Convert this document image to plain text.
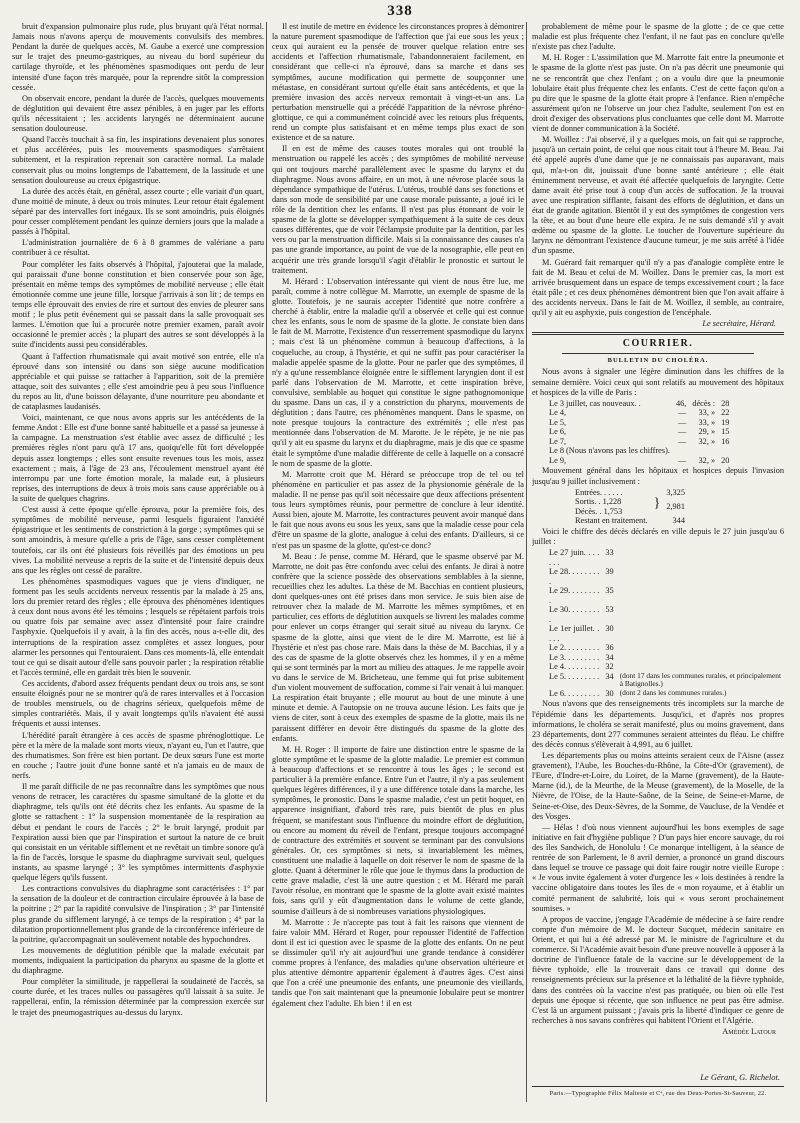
338

bruit d'expansion pulmonaire plus rude, plus bruyant qu'à l'état normal. Jamais nous n'avons aperçu de mouvements convulsifs des membres. Pendant la durée de quelques accès, M. Gaube a exercé une compression sur le trajet des pneumo-gastriques, au niveau du bord supérieur du cartilage thyroïde, et les phénomènes spasmodiques ont perdu de leur intensité d'une façon très marquée, pour la reprendre sitôt la compression cessée.

On observait encore, pendant la durée de l'accès, quelques mouvements de déglutition qui devaient être assez pénibles, à en juger par les efforts qu'ils nécessitaient ; les accidents laryngés ne déterminaient aucune sensation douloureuse.

Quand l'accès touchait à sa fin, les inspirations devenaient plus sonores et plus accélérées, puis les mouvements spasmodiques s'arrêtaient subitement, et la respiration reprenait son caractère normal. La malade conservait plus ou moins longtemps de l'abattement, de la lassitude et une sensation douloureuse au creux épigastrique.

La durée des accès était, en général, assez courte ; elle variait d'un quart, d'une moitié de minute, à deux ou trois minutes. Leur retour était également séparé par des intervalles fort inégaux. Ils se sont amoindris, puis éloignés pour cesser complètement pendant les quinze derniers jours que la malade a passés à l'hôpital.

L'administration journalière de 6 à 8 grammes de valériane a paru contribuer à ce résultat.

Pour compléter les faits observés à l'hôpital, j'ajouterai que la malade, qui paraissait d'une bonne constitution et bien conservée pour son âge, présentait en même temps des symptômes de mobilité nerveuse ; elle était émotionnée comme une jeune fille, lorsque j'arrivais à son lit ; de temps en temps elle éprouvait des envies de rire et surtout des envies de pleurer sans motif ; le plus petit événement qui se passait dans la salle provoquait ses larmes. L'émotion que lui a procurée notre premier examen, paraît avoir occasionné le premier accès ; la plupart des autres se sont développés à la suite d'incidents aussi peu considérables.

Quant à l'affection rhumatismale qui avait motivé son entrée, elle n'a éprouvé dans son intensité ou dans son siège aucune modification appréciable et qui puisse se rattacher à l'apparition, soit de la première attaque, soit des suivantes ; elle s'est amoindrie peu à peu sous l'influence du repos au lit, d'une boisson délayante, d'une nourriture peu abondante et de cataplasmes laudanisés.

Voici, maintenant, ce que nous avons appris sur les antécédents de la femme Andot : Elle est d'une bonne santé habituelle et a passé sa jeunesse à la campagne. La menstruation s'est établie avec assez de difficulté ; les premières règles n'ont paru qu'à 17 ans, quoiqu'elle fût fort développée depuis assez longtemps ; elles sont ensuite revenues tous les mois, assez exactement ; mais, à l'âge de 23 ans, l'écoulement menstruel ayant été interrompu par une forte émotion morale, la malade eut, à plusieurs reprises, des interruptions de deux à trois mois sans cause appréciable ou à la suite de quelques chagrins.

C'est aussi à cette époque qu'elle éprouva, pour la première fois, des symptômes de mobilité nerveuse, parmi lesquels figuraient l'anxiété épigastrique et les sentiments de constriction à la gorge ; symptômes qui se sont amoindris, à mesure qu'elle a pris de l'âge, sans cesser complètement toutefois, car ils ont été plusieurs fois réveillés par des émotions un peu vives. La mobilité nerveuse a repris de la suite et de l'intensité depuis deux ans que les règles ont cessé de paraître.

Les phénomènes spasmodiques vagues que je viens d'indiquer, ne forment pas les seuls accidents nerveux ressentis par la malade à 25 ans, lors du premier retard des règles ; elle éprouva des phénomènes identiques à ceux dont nous avons été les témoins ; lesquels se répétaient parfois trois ou quatre fois par semaine avec assez d'intensité pour faire craindre l'asphyxie. Quelquefois il y avait, à la fin des accès, nous a-t-elle dit, des interruptions de la respiration assez complètes et assez longues, pour alarmer les personnes qui l'entouraient. Dans ces moments-là, elle entendait tout ce qui se disait autour d'elle sans pouvoir parler ; la respiration rétablie et l'accès terminé, elle en gardait très bien le souvenir.

Ces accidents, d'abord assez fréquents pendant deux ou trois ans, se sont ensuite éloignés pour ne se montrer qu'à de rares intervalles et à l'occasion de troubles menstruels, ou de chagrins sérieux, quelquefois même de simples contrariétés. Mais, il y avait longtemps qu'ils n'avaient été aussi fréquents et aussi intenses.

L'hérédité paraît étrangère à ces accès de spasme phrénoglottique. Le père et la mère de la malade sont morts vieux, n'ayant eu, l'un et l'autre, que des rhumatismes. Son frère est bien portant. De deux sœurs l'une est morte en couche ; l'autre jouit d'une bonne santé et n'a jamais eu de maux de nerfs.

Il me paraît difficile de ne pas reconnaître dans les symptômes que nous venons de retracer, les caractères du spasme simultané de la glotte et du diaphragme, tels qu'ils ont été décrits chez les enfants. Au spasme de la glotte se rattachent : 1° la suspension momentanée de la respiration au début et pendant le cours de l'accès ; 2° le bruit laryngé, produit par l'expiration aussi bien que par l'inspiration et surtout la nature de ce bruit qui consistait en un véritable sifflement et ne revêtait un timbre sonore qu'à la fin de l'accès, lorsque le spasme du diaphragme survivait seul, quelques instants, au spasme laryngé ; 3° les symptômes intermittents d'asphyxie quelque légers qu'ils fussent.

Les contractions convulsives du diaphragme sont caractérisées : 1° par la sensation de la douleur et de contraction circulaire éprouvée à la base de la poitrine ; 2° par la rapidité convulsive de l'inspiration ; 3° par l'intensité plus grande du sifflement laryngé, à ce temps de la respiration ; 4° par la dilatation proportionnellement plus grande de la circonférence inférieure de la poitrine, qu'accompagnait un soulèvement notable des hypochondres.

Les mouvements de déglutition pénible que la malade exécutait par moments, indiquaient la participation du pharynx au spasme de la glotte et du diaphragme.

Pour compléter la similitude, je rappellerai la soudaineté de l'accès, sa courte durée, et les traces nulles ou passagères qu'il laissait à sa suite. Je rappellerai, enfin, la rémission déterminée par la compression exercée sur le trajet des pneumogastriques au-dessus du larynx.

Il est inutile de mettre en évidence les circonstances propres à démontrer la nature purement spasmodique de l'affection que j'ai eue sous les yeux ; ceux qui auraient eu la pensée de trouver quelque relation entre ses accidents et l'affection rhumatismale, l'abandonneraient facilement, en considérant que celle-ci n'a éprouvé, dans sa marche et dans ses symptômes, aucune modification qui permette de soupçonner une métastase, en considérant surtout qu'elle était sans antécédents, et que la première invasion des accès nerveux remontait à vingt-et-un ans. La perturbation menstruelle qui a précédé l'apparition de la névrose phréno-glottique, ce qui a communément coïncidé avec les retours plus fréquents, rend un compte plus satisfaisant et en même temps plus exact de son existence et de sa nature.

Il en est de même des causes toutes morales qui ont troublé la menstruation ou rappelé les accès ; des symptômes de mobilité nerveuse qui ont toujours marché parallèlement avec le spasme du larynx et du diaphragme. Nous avons affaire, en un mot, à une névrose placée sous la dépendance sympathique de l'utérus. L'utérus, troublé dans ses fonctions et dans son mode de sensibilité par une cause morale puissante, a joué ici le rôle de la dentition chez les enfants. Il n'est pas plus étonnant de voir le spasme de la glotte se développer sympathiquement à la suite de ces deux causes différentes, que de voir l'éclampsie produite par la dentition, par les vers ou par la menstruation difficile. Mais si la connaissance des causes n'a pas une grande importance, au point de vue de la nosographie, elle peut en acquérir une très grande lorsqu'il s'agit d'établir le pronostic et surtout le traitement.

M. Hérard : L'observation intéressante qui vient de nous être lue, me paraît, comme à notre collègue M. Marrotte, un exemple de spasme de la glotte. Toutefois, je ne saurais accepter l'identité que notre confrère a cherché à établir, entre la maladie qu'il a observée et celle qui est connue chez les enfants, sous le nom de spasme de la glotte. Je constate bien dans le fait de M. Marrotte, l'existence d'un resserrement spasmodique du larynx ; mais c'est là un phénomène commun à beaucoup d'affections, à la coqueluche, au croup, à l'hystérie, et qui ne suffit pas pour caractériser la maladie appelée spasme de la glotte. Pour ne parler que des symptômes, il n'y a qu'une ressemblance éloignée entre le sifflement laryngien dont il est parlé dans l'observation de M. Marrotte, et cette inspiration brève, convulsive, semblable au hoquet qui constitue le signe pathognomonique du spasme. Dans un cas, il y a constriction du pharynx, mouvements de déglutition ; dans l'autre, ces phénomènes manquent. Dans le spasme, on note presque toujours la contracture des extrémités ; elle n'est pas mentionnée dans l'observation de M. Marotte. Je le répète, je ne nie pas qu'il y ait eu spasme du larynx et du diaphragme, mais je dis que ce spasme était le symptôme d'une maladie différente de celle à laquelle on a consacré le nom de spasme de la glotte.

M. Marrotte croit que M. Hérard se préoccupe trop de tel ou tel phénomène en particulier et pas assez de la physionomie générale de la maladie. Il ne pense pas qu'il soit nécessaire que deux affections présentent tous leurs symptômes réunis, pour permettre de conclure à leur identité. Aussi bien, ajoute M. Marrotte, les contractures peuvent avoir manqué dans le fait que nous avons eu sous les yeux, sans que la maladie cesse pour cela d'être un spasme de la glotte, analogue à celui des enfants. D'ailleurs, si ce n'est pas un spasme de la glotte, qu'est-ce donc?

M. Beau : Je pense, comme M. Hérard, que le spasme observé par M. Marrotte, ne doit pas être confondu avec celui des enfants. Je dirai à notre confrère que la science possède des observations semblables à la sienne, recueillies chez les adultes. La thèse de M. Bacchias en contient plusieurs, dont quelques-unes ont été prises dans mon service. Je suis bien aise de retrouver chez la malade de M. Marrotte les mêmes symptômes, et en particulier, ces efforts de déglutition auxquels se livrent les malades comme pour enlever un corps étranger qui serait situé au niveau du larynx. Ce spasme de la glotte, ainsi que vient de le dire M. Marrotte, est lié à l'hystérie et n'est pas chose rare. Mais dans la thèse de M. Bacchias, il y a des cas de spasme de la glotte observés chez les hommes, il y en a même qui se sont terminés par la mort au milieu des attaques. Je me rappelle avoir vu dans le service de M. Bricheteau, une femme qui fut prise subitement d'un violent mouvement de suffocation, comme si l'air venait à lui manquer. La respiration était bruyante ; elle mourut au bout de une minute à une minute et demie. A l'autopsie on ne trouva aucune lésion. Les faits que je viens de citer, sont à ceux des exemples de spasme de la glotte, mais ils ne paraissent différer en devoir être distingués du spasme de la glotte des enfants.

M. H. Roger : Il importe de faire une distinction entre le spasme de la glotte symptôme et le spasme de la glotte maladie. Le premier est commun à beaucoup d'affections et se rencontre à tous les âges ; le second est particulier à la première enfance. Entre l'un et l'autre, il n'y a pas seulement quelques légères différences, il y a une différence totale dans la marche, les symptômes, le pronostic. Dans le spasme maladie, c'est un petit hoquet, en apparence insignifiant, d'abord très rare, puis bientôt de plus en plus fréquent, se manifestant sous l'influence du moindre effort de déglutition, ou encore au moment du réveil de l'enfant, presque toujours accompagné de contracture des extrémités et souvent se terminant par des convulsions générales. Or, ces symptômes si nets, si invariablement les mêmes, constituent une maladie à laquelle on doit réserver le nom de spasme de la glotte. Quant à déterminer le rôle que joue le thymus dans la production de cette grave maladie, c'est là une autre question ; et M. Hérard me paraît l'avoir résolue, en montrant que le spasme de la glotte avait existé maintes fois, sans qu'il y eût d'augmentation dans le volume de cette glande, soumise d'ailleurs à de si nombreuses variations physiologiques.

M. Marrotte : Je n'accepte pas tout à fait les raisons que viennent de faire valoir MM. Hérard et Roger, pour repousser l'identité de l'affection dont il est ici question avec le spasme de la glotte des enfants. On ne peut se dissimuler qu'il n'y ait aujourd'hui une grande tendance à considérer comme propres à l'enfance, des maladies qu'une observation ultérieure et plus attentive démontre appartenir également à d'autres âges. C'est ainsi que l'on a créé une pneumonie des enfants, une pneumonie des vieillards, tandis que l'on sait maintenant que la pneumonie lobulaire peut se montrer également chez l'adulte. Eh bien ! il en est

probablement de même pour le spasme de la glotte ; de ce que cette maladie est plus fréquente chez l'enfant, il ne faut pas en conclure qu'elle n'existe pas chez l'adulte.

M. H. Roger : L'assimilation que M. Marrotte fait entre la pneumonie et le spasme de la glotte n'est pas juste. On n'a pas décrit une pneumonie qui ne se rencontrât que chez l'enfant ; on a voulu dire que la pneumonie lobulaire était plus fréquente chez les enfants. C'est de cette façon qu'on a pu dire que le spasme de la glotte était propre à l'enfance. Rien n'empêche assurément qu'on ne l'observe un jour chez l'adulte, seulement l'on est en droit d'exiger des observations plus concluantes que celle dont M. Marrotte vient de donner communication à la Société.

M. Woillez : J'ai observé, il y a quelques mois, un fait qui se rapproche, jusqu'à un certain point, de celui que nous citait tout à l'heure M. Beau. J'ai été appelé auprès d'une dame que je ne connaissais pas auparavant, mais qui, m'a-t-on dit, jouissait d'une bonne santé antérieure ; elle était éminemment nerveuse, et avait été affectée quelquefois de laryngite. Cette dame avait été prise tout à coup d'un accès de suffocation. Je la trouvai avec une respiration sifflante, faisant des efforts de déglutition, et dans un état de grande agitation. Bientôt il y eut des symptômes de congestion vers la tête, et au bout d'une heure elle expira. Je ne suis demandé s'il y avait œdème ou spasme de la glotte. Le toucher de l'ouverture supérieure du larynx ne démontrant l'existence d'aucune tumeur, je me suis arrêté à l'idée d'un spasme.

M. Guérard fait remarquer qu'il n'y a pas d'analogie complète entre le fait de M. Beau et celui de M. Woillez. Dans le premier cas, la mort est arrivée brusquement dans un espace de temps excessivement court ; la face était pâle ; et ces deux phénomènes démontrent bien que l'on avait affaire à des accidents nerveux. Dans le fait de M. Woillez, il semble, au contraire, qu'il y ait eu asphyxie, puis congestion de l'encéphale.

Le secrétaire, Hérard.
COURRIER.
BULLETIN DU CHOLÉRA.

Nous avons à signaler une légère diminution dans les chiffres de la semaine dernière. Voici ceux qui sont relatifs au mouvement des hôpitaux et hospices de la ville de Paris :

Le 3 juillet, cas nouveaux. .	46,	décès :	28
Le 4,	—	33, »	22
Le 5,	—	33, »	19
Le 6,	—	29, »	15
Le 7,	—	32, »	16
Le 8 (Nous n'avons pas les chiffres).			
Le 9,	—	32, »	20

Mouvement général dans les hôpitaux et hospices depuis l'invasion jusqu'au 9 juillet inclusivement :

Entrées. . . . . .		3,325
Sortis. . 1,228	}	2,981
Décès. . 1,753		
Restant en traitement.		344

Voici le chiffre des décès déclarés en ville depuis le 27 juin jusqu'au 6 juillet :

Le 27 juin. . . . . . .	33	
Le 28. . . . . . . . .	39	
Le 29. . . . . . . . .	35	
Le 30. . . . . . . . .	53	
Le 1er juillet. . . . .	30	
Le 2. . . . . . . . .	36	
Le 3. . . . . . . . .	34	
Le 4. . . . . . . . .	32	
Le 5. . . . . . . . .	34	(dont 17 dans les communes rurales, et principalement à Batignolles.)
Le 6. . . . . . . . .	30	(dont 2 dans les communes rurales.)

Nous n'avons que des renseignements très incomplets sur la marche de l'épidémie dans les départements. Jusqu'ici, et d'après nos propres informations, le choléra se serait manifesté, plus ou moins gravement, dans 23 départements, dont 277 communes seraient atteintes du fléau. Le chiffre des décès connus s'élèverait à 4,991, au 6 juillet.

Les départements plus ou moins atteints seraient ceux de l'Aisne (assez gravement), l'Aube, les Bouches-du-Rhône, la Côte-d'Or (gravement), de l'Eure, d'Indre-et-Loire, du Loiret, de la Marne (gravement), de la Haute-Marne (id.), de la Meurthe, de la Meuse (gravement), de la Moselle, de la Nièvre, de l'Oise, de la Haute-Saône, de la Seine, de Seine-et-Marne, de Seine-et-Oise, des Deux-Sèvres, de la Somme, de Vaucluse, de la Vendée et des Vosges.

— Hélas ! d'où nous viennent aujourd'hui les bons exemples de sage initiative en fait d'hygiène publique ? D'un pays hier encore sauvage, du roi des îles Sandwich, de Honolulu ! Ce monarque intelligent, à la séance de rentrée de son Parlement, le 8 avril dernier, a prononcé un grand discours dans lequel se trouve ce passage qui doit faire rougir notre vieille Europe : « Je vous invite également à voter d'urgence les « lois destinées à rendre la vaccine obligatoire dans toutes les îles de « mon royaume, et à établir un comité permanent de salubrité, lois qui « vous seront prochainement soumises. »

A propos de vaccine, j'engage l'Académie de médecine à se faire rendre compte d'un mémoire de M. le docteur Sucquet, médecin sanitaire en Orient, et qui lui a été adressé par M. le ministre de l'agriculture et du commerce. Si l'Académie avait besoin d'une preuve nouvelle à opposer à la doctrine de l'influence fatale de la vaccine sur le développement de la fièvre typhoïde, elle la trouverait dans ce travail qui donne des renseignements précieux sur la présence et la léthalité de la fièvre typhoïde, dans des contrées où la vaccine n'est pas pratiquée, ou bien où elle l'est depuis une époque si récente, que son influence ne peut pas être admise. C'est là un argument puissant ; j'avais pris la liberté d'indiquer ce genre de recherches à nos savans confrères qui habitent l'Orient et l'Algérie.

Amédée Latour
Le Gérant, G. Richelot.
Paris.—Typographie Félix Malteste et Cᵉ, rue des Deux-Portes-St-Sauveur, 22.
